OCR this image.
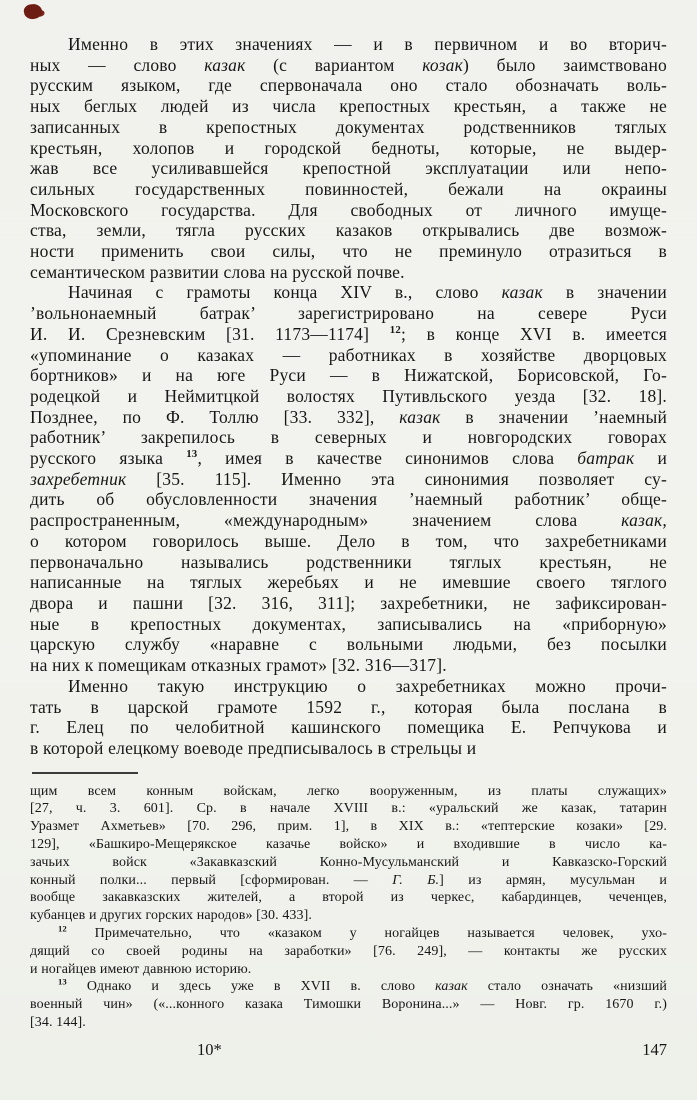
Именно в этих значениях — и в первичном и во вторич-
ных — слово казак (с вариантом козак) было заимствовано
русским языком, где спервоначала оно стало обозначать воль-
ных беглых людей из числа крепостных крестьян, а также не
записанных в крепостных документах родственников тяглых
крестьян, холопов и городской бедноты, которые, не выдер-
жав все усиливавшейся крепостной эксплуатации или непо-
сильных государственных повинностей, бежали на окраины
Московского государства. Для свободных от личного имуще-
ства, земли, тягла русских казаков открывались две возмож-
ности применить свои силы, что не преминуло отразиться в
семантическом развитии слова на русской почве.
Начиная с грамоты конца XIV в., слово казак в значении
’вольнонаемный батрак’ зарегистрировано на севере Руси
И. И. Срезневским [31. 1173—1174] $^{12}$; в конце XVI в. имеется
«упоминание о казаках — работниках в хозяйстве дворцовых
бортников» и на юге Руси — в Нижатской, Борисовской, Го-
родецкой и Неймитцкой волостях Путивльского уезда [32. 18].
Позднее, по Ф. Толлю [33. 332], казак в значении ’наемный
работник’ закрепилось в северных и новгородских говорах
русского языка $^{13}$, имея в качестве синонимов слова батрак и
захребетник [35. 115]. Именно эта синонимия позволяет су-
дить об обусловленности значения ’наемный работник’ обще-
распространенным, «международным» значением слова казак,
о котором говорилось выше. Дело в том, что захребетниками
первоначально назывались родственники тяглых крестьян, не
написанные на тяглых жеребьях и не имевшие своего тяглого
двора и пашни [32. 316, 311]; захребетники, не зафиксирован-
ные в крепостных документах, записывались на «приборную»
царскую службу «наравне с вольными людьми, без посылки
на них к помещикам отказных грамот» [32. 316—317].
Именно такую инструкцию о захребетниках можно прочи-
тать в царской грамоте 1592 г., которая была послана в
г. Елец по челобитной кашинского помещика Е. Репчукова и
в которой елецкому воеводе предписывалось в стрельцы и
щим всем конным войскам, легко вооруженным, из платы служащих»
[27, ч. 3. 601]. Ср. в начале XVIII в.: «уральский же казак, татарин
Уразмет Ахметьев» [70. 296, прим. 1], в XIX в.: «тептерские козаки» [29.
129], «Башкиро-Мещерякское казачье войско» и входившие в число ка-
зачьих войск «Закавказский Конно-Мусульманский и Кавказско-Горский
конный полки... первый [сформирован. — Г. Б.] из армян, мусульман и
вообще закавказских жителей, а второй из черкес, кабардинцев, чеченцев,
кубанцев и других горских народов» [30. 433].
$^{12}$ Примечательно, что «казаком у ногайцев называется человек, ухо-
дящий со своей родины на заработки» [76. 249], — контакты же русских
и ногайцев имеют давнюю историю.
$^{13}$ Однако и здесь уже в XVII в. слово казак стало означать «низший
военный чин» («...конного казака Тимошки Воронина...» — Новг. гр. 1670 г.)
[34. 144].
10*	147
